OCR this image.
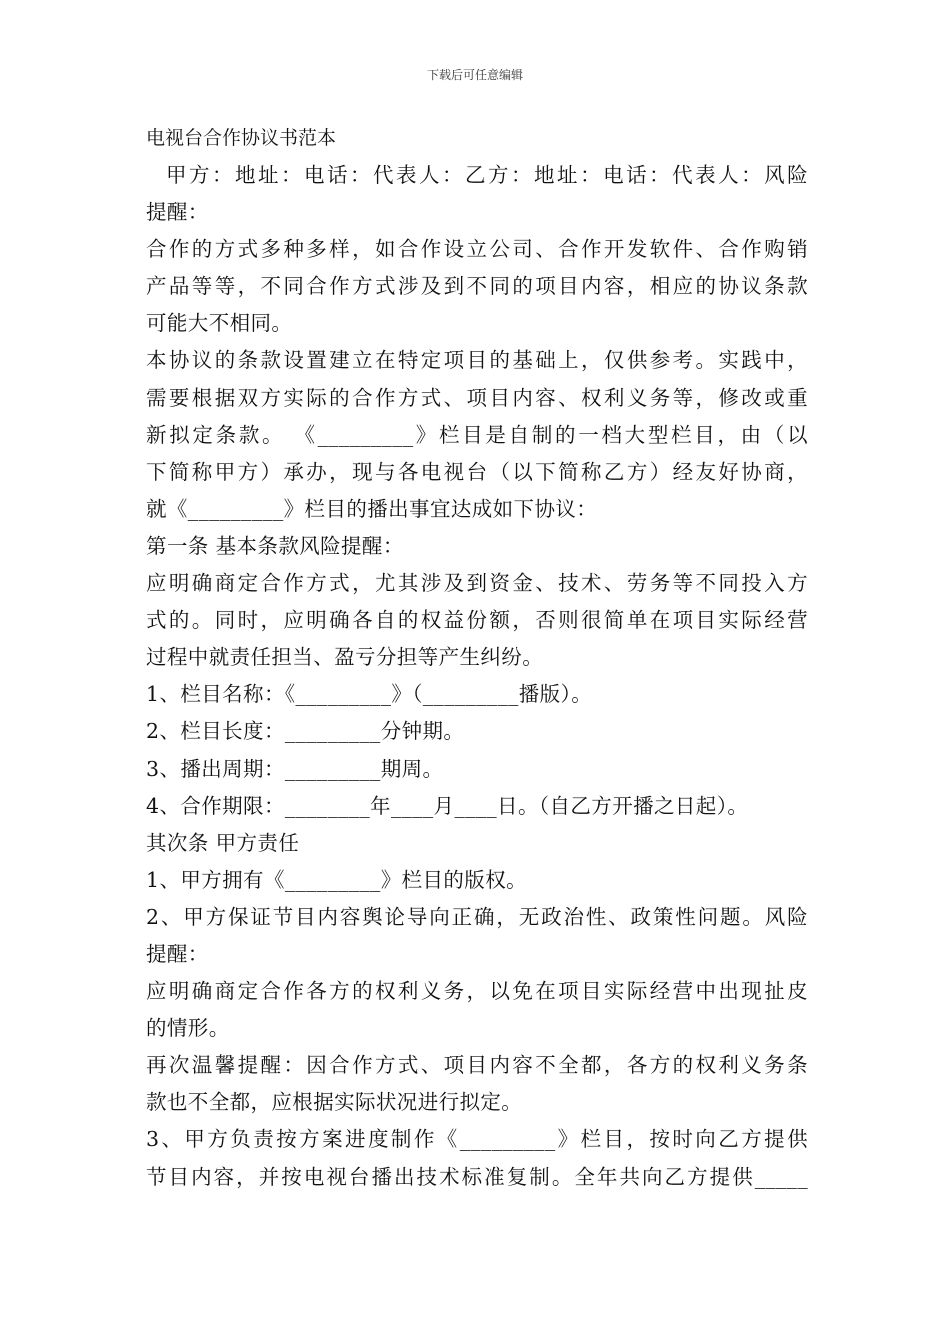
下载后可任意编辑
电视台合作协议书范本
甲方：地址：电话：代表人：乙方：地址：电话：代表人：风险
提醒：
合作的方式多种多样，如合作设立公司、合作开发软件、合作购销
产品等等，不同合作方式涉及到不同的项目内容，相应的协议条款
可能大不相同。
本协议的条款设置建立在特定项目的基础上，仅供参考。实践中，
需要根据双方实际的合作方式、项目内容、权利义务等，修改或重
新拟定条款。 《_________》栏目是自制的一档大型栏目，由（以
下简称甲方）承办，现与各电视台（以下简称乙方）经友好协商，
就《_________》栏目的播出事宜达成如下协议：
第一条 基本条款风险提醒：
应明确商定合作方式，尤其涉及到资金、技术、劳务等不同投入方
式的。同时，应明确各自的权益份额，否则很简单在项目实际经营
过程中就责任担当、盈亏分担等产生纠纷。
1、栏目名称：《_________》（_________播版）。
2、栏目长度：_________分钟期。
3、播出周期：_________期周。
4、合作期限：________年____月____日。（自乙方开播之日起）。
其次条 甲方责任
1、甲方拥有《_________》栏目的版权。
2、甲方保证节目内容舆论导向正确，无政治性、政策性问题。风险
提醒：
应明确商定合作各方的权利义务，以免在项目实际经营中出现扯皮
的情形。
再次温馨提醒：因合作方式、项目内容不全都，各方的权利义务条
款也不全都，应根据实际状况进行拟定。
3、甲方负责按方案进度制作《_________》栏目，按时向乙方提供
节目内容，并按电视台播出技术标准复制。全年共向乙方提供_____
